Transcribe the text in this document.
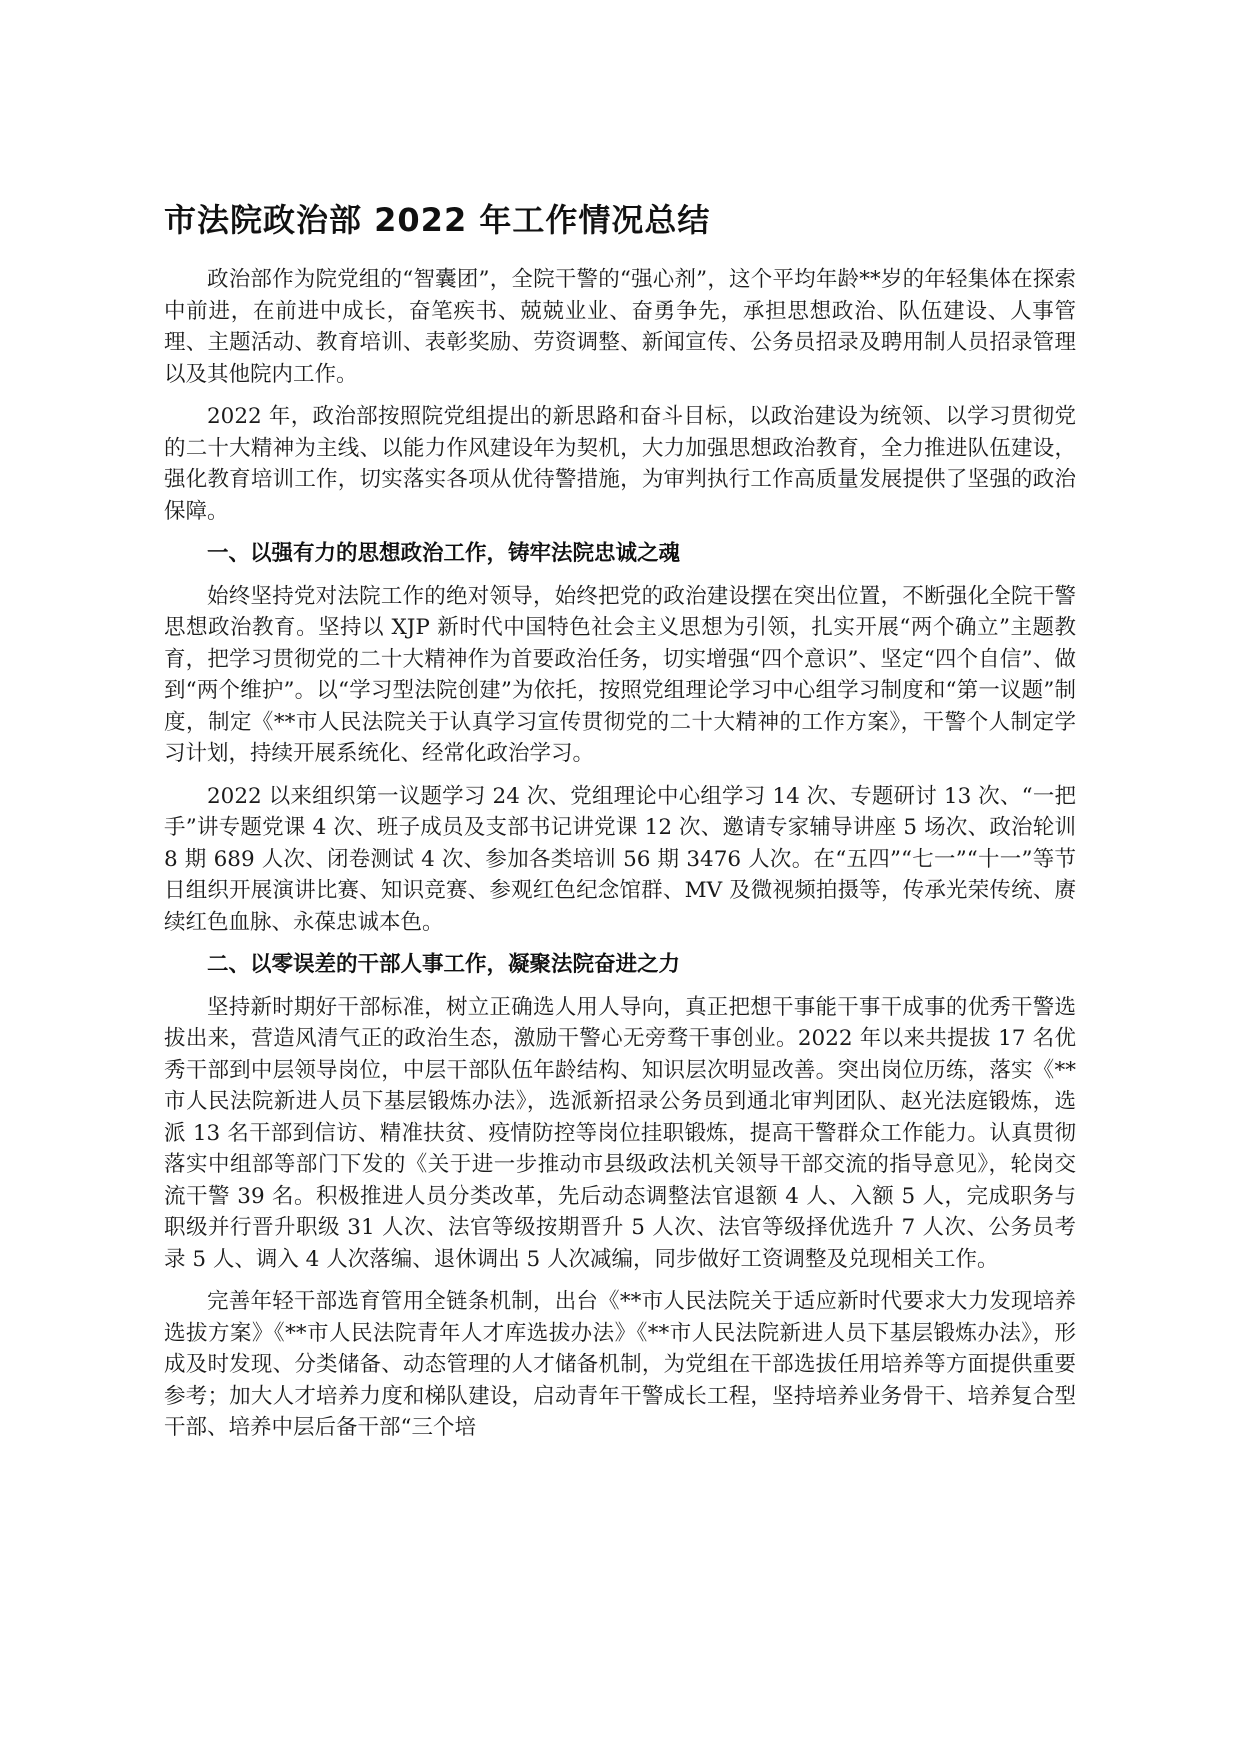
市法院政治部 2022 年工作情况总结

政治部作为院党组的“智囊团”，全院干警的“强心剂”，这个平均年龄**岁的年轻集体在探索中前进，在前进中成长，奋笔疾书、兢兢业业、奋勇争先，承担思想政治、队伍建设、人事管理、主题活动、教育培训、表彰奖励、劳资调整、新闻宣传、公务员招录及聘用制人员招录管理以及其他院内工作。

2022 年，政治部按照院党组提出的新思路和奋斗目标，以政治建设为统领、以学习贯彻党的二十大精神为主线、以能力作风建设年为契机，大力加强思想政治教育，全力推进队伍建设，强化教育培训工作，切实落实各项从优待警措施，为审判执行工作高质量发展提供了坚强的政治保障。

一、以强有力的思想政治工作，铸牢法院忠诚之魂

始终坚持党对法院工作的绝对领导，始终把党的政治建设摆在突出位置，不断强化全院干警思想政治教育。坚持以 XJP 新时代中国特色社会主义思想为引领，扎实开展“两个确立”主题教育，把学习贯彻党的二十大精神作为首要政治任务，切实增强“四个意识”、坚定“四个自信”、做到“两个维护”。以“学习型法院创建”为依托，按照党组理论学习中心组学习制度和“第一议题”制度，制定《**市人民法院关于认真学习宣传贯彻党的二十大精神的工作方案》，干警个人制定学习计划，持续开展系统化、经常化政治学习。

2022 以来组织第一议题学习 24 次、党组理论中心组学习 14 次、专题研讨 13 次、“一把手”讲专题党课 4 次、班子成员及支部书记讲党课 12 次、邀请专家辅导讲座 5 场次、政治轮训 8 期 689 人次、闭卷测试 4 次、参加各类培训 56 期 3476 人次。在“五四”“七一”“十一”等节日组织开展演讲比赛、知识竞赛、参观红色纪念馆群、MV 及微视频拍摄等，传承光荣传统、赓续红色血脉、永葆忠诚本色。

二、以零误差的干部人事工作，凝聚法院奋进之力

坚持新时期好干部标准，树立正确选人用人导向，真正把想干事能干事干成事的优秀干警选拔出来，营造风清气正的政治生态，激励干警心无旁骛干事创业。2022 年以来共提拔 17 名优秀干部到中层领导岗位，中层干部队伍年龄结构、知识层次明显改善。突出岗位历练，落实《**市人民法院新进人员下基层锻炼办法》，选派新招录公务员到通北审判团队、赵光法庭锻炼，选派 13 名干部到信访、精准扶贫、疫情防控等岗位挂职锻炼，提高干警群众工作能力。认真贯彻落实中组部等部门下发的《关于进一步推动市县级政法机关领导干部交流的指导意见》，轮岗交流干警 39 名。积极推进人员分类改革，先后动态调整法官退额 4 人、入额 5 人，完成职务与职级并行晋升职级 31 人次、法官等级按期晋升 5 人次、法官等级择优选升 7 人次、公务员考录 5 人、调入 4 人次落编、退休调出 5 人次减编，同步做好工资调整及兑现相关工作。

完善年轻干部选育管用全链条机制，出台《**市人民法院关于适应新时代要求大力发现培养选拔方案》《**市人民法院青年人才库选拔办法》《**市人民法院新进人员下基层锻炼办法》，形成及时发现、分类储备、动态管理的人才储备机制，为党组在干部选拔任用培养等方面提供重要参考；加大人才培养力度和梯队建设，启动青年干警成长工程，坚持培养业务骨干、培养复合型干部、培养中层后备干部“三个培
